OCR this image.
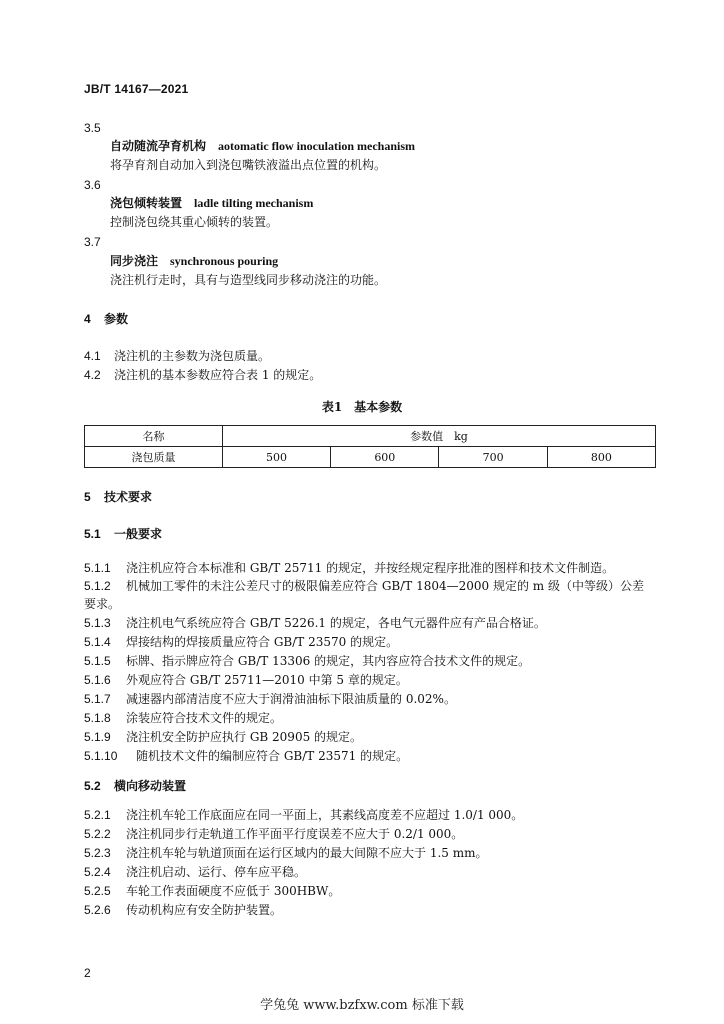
JB/T 14167—2021
3.5
自动随流孕育机构 aotomatic flow inoculation mechanism
将孕育剂自动加入到浇包嘴铁液溢出点位置的机构。
3.6
浇包倾转装置 ladle tilting mechanism
控制浇包绕其重心倾转的装置。
3.7
同步浇注 synchronous pouring
浇注机行走时，具有与造型线同步移动浇注的功能。
4 参数
4.1 浇注机的主参数为浇包质量。
4.2 浇注机的基本参数应符合表 1 的规定。
表1　基本参数
名称	参数值　kg			
浇包质量	500	600	700	800
5 技术要求
5.1 一般要求
5.1.1 浇注机应符合本标准和 GB/T 25711 的规定，并按经规定程序批准的图样和技术文件制造。
5.1.2 机械加工零件的未注公差尺寸的极限偏差应符合 GB/T 1804—2000 规定的 m 级（中等级）公差
要求。
5.1.3 浇注机电气系统应符合 GB/T 5226.1 的规定，各电气元器件应有产品合格证。
5.1.4 焊接结构的焊接质量应符合 GB/T 23570 的规定。
5.1.5 标牌、指示牌应符合 GB/T 13306 的规定，其内容应符合技术文件的规定。
5.1.6 外观应符合 GB/T 25711—2010 中第 5 章的规定。
5.1.7 减速器内部清洁度不应大于润滑油油标下限油质量的 0.02%。
5.1.8 涂装应符合技术文件的规定。
5.1.9 浇注机安全防护应执行 GB 20905 的规定。
5.1.10 随机技术文件的编制应符合 GB/T 23571 的规定。
5.2 横向移动装置
5.2.1 浇注机车轮工作底面应在同一平面上，其素线高度差不应超过 1.0/1 000。
5.2.2 浇注机同步行走轨道工作平面平行度误差不应大于 0.2/1 000。
5.2.3 浇注机车轮与轨道顶面在运行区域内的最大间隙不应大于 1.5 mm。
5.2.4 浇注机启动、运行、停车应平稳。
5.2.5 车轮工作表面硬度不应低于 300HBW。
5.2.6 传动机构应有安全防护装置。
2
学兔兔 www.bzfxw.com 标准下载
